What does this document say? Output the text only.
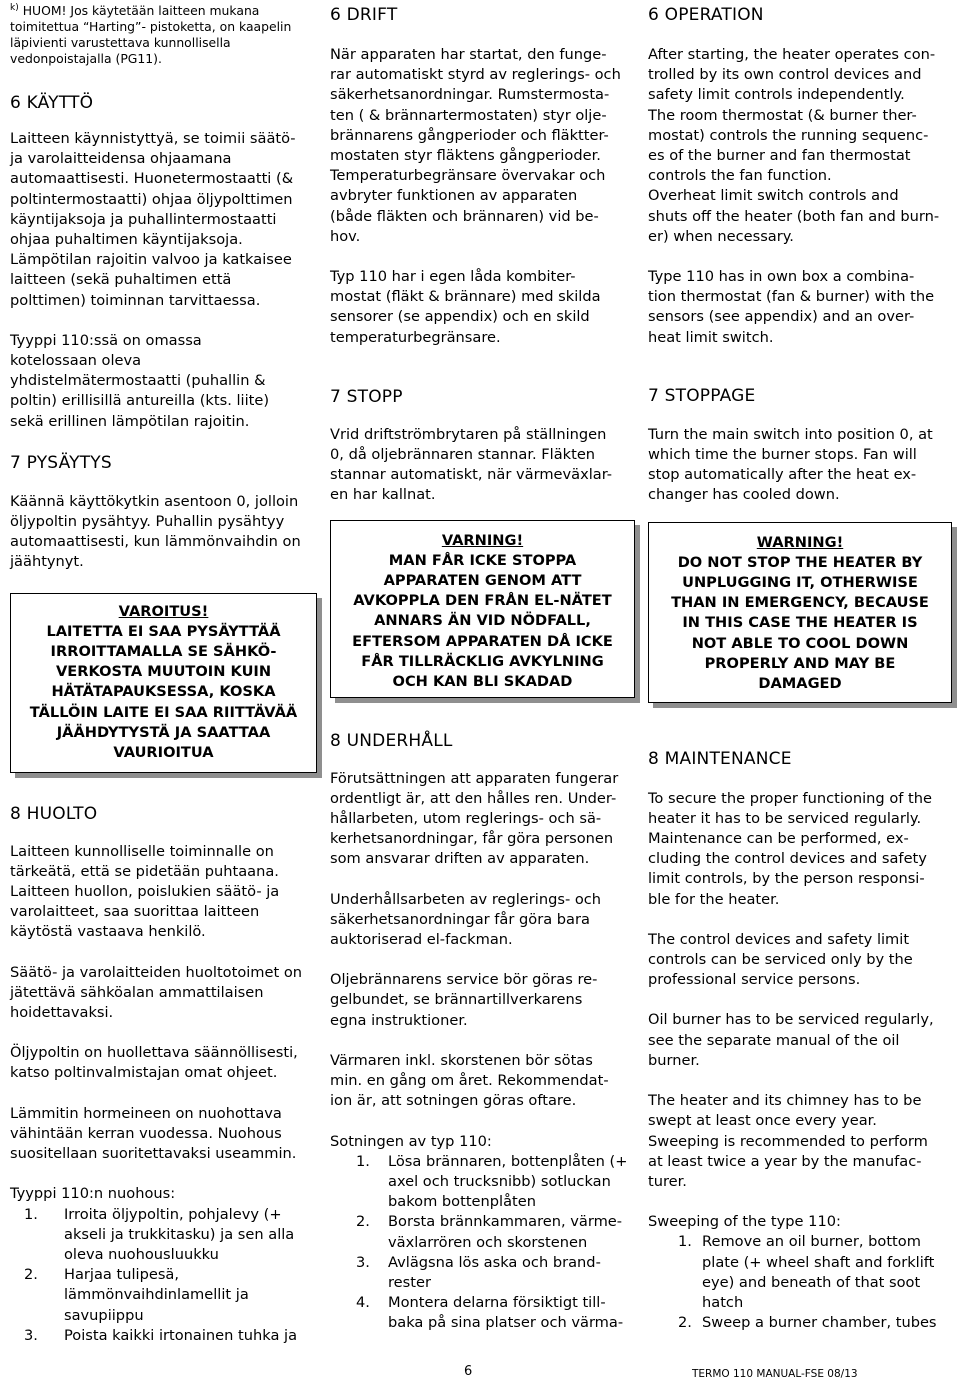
$^{k)}$ HUOM! Jos käytetään laitteen mukana
toimitettua “Harting”- pistoketta, on kaapelin
läpivienti varustettava kunnollisella
vedonpoistajalla (PG11).

6 KÄYTTÖ

Laitteen käynnistyttyä, se toimii säätö-
ja varolaitteidensa ohjaamana
automaattisesti. Huonetermostaatti (&
poltintermostaatti) ohjaa öljypolttimen
käyntijaksoja ja puhallintermostaatti
ohjaa puhaltimen käyntijaksoja.
Lämpötilan rajoitin valvoo ja katkaisee
laitteen (sekä puhaltimen että
polttimen) toiminnan tarvittaessa.

Tyyppi 110:ssä on omassa
kotelossaan oleva
yhdistelmätermostaatti (puhallin &
poltin) erillisillä antureilla (kts. liite)
sekä erillinen lämpötilan rajoitin.

7 PYSÄYTYS

Käännä käyttökytkin asentoon 0, jolloin
öljypoltin pysähtyy. Puhallin pysähtyy
automaattisesti, kun lämmönvaihdin on
jäähtynyt.

VAROITUS!
LAITETTA EI SAA PYSÄYTTÄÄ
IRROITTAMALLA SE SÄHKÖ-
VERKOSTA MUUTOIN KUIN
HÄTÄTAPAUKSESSA, KOSKA
TÄLLÖIN LAITE EI SAA RIITTÄVÄÄ
JÄÄHDYTYSTÄ JA SAATTAA
VAURIOITUA
8 HUOLTO

Laitteen kunnolliselle toiminnalle on
tärkeätä, että se pidetään puhtaana.
Laitteen huollon, poislukien säätö- ja
varolaitteet, saa suorittaa laitteen
käytöstä vastaava henkilö.

Säätö- ja varolaitteiden huoltotoimet on
jätettävä sähköalan ammattilaisen
hoidettavaksi.

Öljypoltin on huollettava säännöllisesti,
katso poltinvalmistajan omat ohjeet.

Lämmitin hormeineen on nuohottava
vähintään kerran vuodessa. Nuohous
suositellaan suoritettavaksi useammin.

Tyyppi 110:n nuohous:

1. Irroita öljypoltin, pohjalevy (+
akseli ja trukkitasku) ja sen alla
oleva nuohousluukku
2. Harjaa tulipesä,
lämmönvaihdinlamellit ja
savupiippu
3. Poista kaikki irtonainen tuhka ja
6 DRIFT

När apparaten har startat, den funge-
rar automatiskt styrd av reglerings- och
säkerhetsanordningar. Rumstermosta-
ten ( & brännartermostaten) styr olje-
brännarens gångperioder och fläktter-
mostaten styr fläktens gångperioder.
Temperaturbegränsare övervakar och
avbryter funktionen av apparaten
(både fläkten och brännaren) vid be-
hov.

Typ 110 har i egen låda kombiter-
mostat (fläkt & brännare) med skilda
sensorer (se appendix) och en skild
temperaturbegränsare.

7 STOPP

Vrid driftströmbrytaren på ställningen
0, då oljebrännaren stannar. Fläkten
stannar automatiskt, när värmeväxlar-
en har kallnat.

VARNING!
MAN FÅR ICKE STOPPA
APPARATEN GENOM ATT
AVKOPPLA DEN FRÅN EL-NÄTET
ANNARS ÄN VID NÖDFALL,
EFTERSOM APPARATEN DÅ ICKE
FÅR TILLRÄCKLIG AVKYLNING
OCH KAN BLI SKADAD
8 UNDERHÅLL

Förutsättningen att apparaten fungerar
ordentligt är, att den hålles ren. Under-
hållarbeten, utom reglerings- och sä-
kerhetsanordningar, får göra personen
som ansvarar driften av apparaten.

Underhållsarbeten av reglerings- och
säkerhetsanordningar får göra bara
auktoriserad el-fackman.

Oljebrännarens service bör göras re-
gelbundet, se brännartillverkarens
egna instruktioner.

Värmaren inkl. skorstenen bör sötas
min. en gång om året. Rekommendat-
ion är, att sotningen göras oftare.

Sotningen av typ 110:

1. Lösa brännaren, bottenplåten (+
axel och trucksnibb) sotluckan
bakom bottenplåten
2. Borsta brännkammaren, värme-
växlarrören och skorstenen
3. Avlägsna lös aska och brand-
rester
4. Montera delarna försiktigt till-
baka på sina platser och värma-
6 OPERATION

After starting, the heater operates con-
trolled by its own control devices and
safety limit controls independently.
The room thermostat (& burner ther-
mostat) controls the running sequenc-
es of the burner and fan thermostat
controls the fan function.
Overheat limit switch controls and
shuts off the heater (both fan and burn-
er) when necessary.

Type 110 has in own box a combina-
tion thermostat (fan & burner) with the
sensors (see appendix) and an over-
heat limit switch.

7 STOPPAGE

Turn the main switch into position 0, at
which time the burner stops. Fan will
stop automatically after the heat ex-
changer has cooled down.

WARNING!
DO NOT STOP THE HEATER BY
UNPLUGGING IT, OTHERWISE
THAN IN EMERGENCY, BECAUSE
IN THIS CASE THE HEATER IS
NOT ABLE TO COOL DOWN
PROPERLY AND MAY BE
DAMAGED
8 MAINTENANCE

To secure the proper functioning of the
heater it has to be serviced regularly.
Maintenance can be performed, ex-
cluding the control devices and safety
limit controls, by the person responsi-
ble for the heater.

The control devices and safety limit
controls can be serviced only by the
professional service persons.

Oil burner has to be serviced regularly,
see the separate manual of the oil
burner.

The heater and its chimney has to be
swept at least once every year.
Sweeping is recommended to perform
at least twice a year by the manufac-
turer.

Sweeping of the type 110:

1. Remove an oil burner, bottom
plate (+ wheel shaft and forklift
eye) and beneath of that soot
hatch
2. Sweep a burner chamber, tubes
6	TERMO 110 MANUAL-FSE 08/13
